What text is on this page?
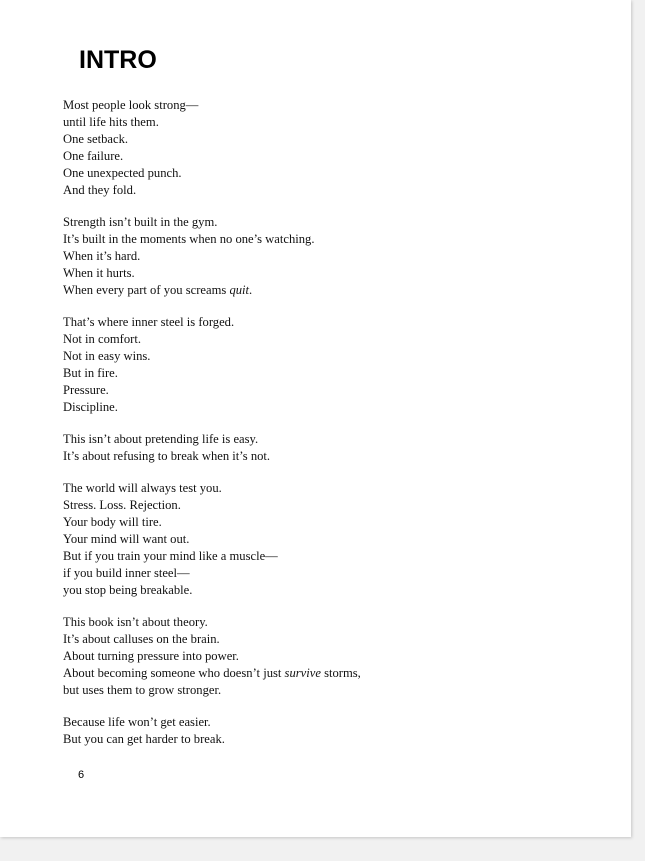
INTRO
Most people look strong—
until life hits them.
One setback.
One failure.
One unexpected punch.
And they fold.
Strength isn’t built in the gym.
It’s built in the moments when no one’s watching.
When it’s hard.
When it hurts.
When every part of you screams quit.
That’s where inner steel is forged.
Not in comfort.
Not in easy wins.
But in fire.
Pressure.
Discipline.
This isn’t about pretending life is easy.
It’s about refusing to break when it’s not.
The world will always test you.
Stress. Loss. Rejection.
Your body will tire.
Your mind will want out.
But if you train your mind like a muscle—
if you build inner steel—
you stop being breakable.
This book isn’t about theory.
It’s about calluses on the brain.
About turning pressure into power.
About becoming someone who doesn’t just survive storms,
but uses them to grow stronger.
Because life won’t get easier.
But you can get harder to break.
6
